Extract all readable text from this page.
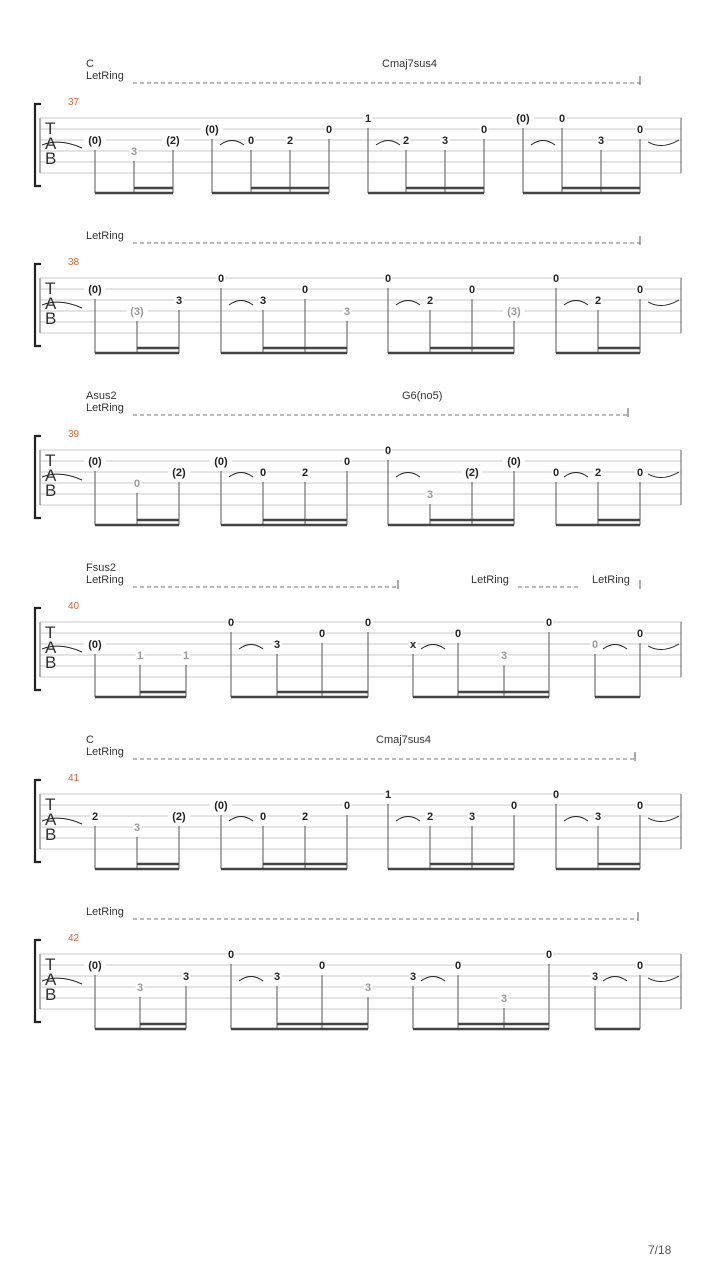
C	Cmaj7sus4
LetRing
37
T
A
B
(0)
3
(2)
(0)
0	2
0
1
2	3
0
(0)	0
3
0
LetRing
38
T
A
B
(0)
(3)
3
0
3
0
3
0
2
0
(3)
0
2
0
Asus2	G6(no5)
LetRing
39
T
A
B
(0)
0
(2)
(0)
0	2
0
0
3
(2)
(0)
0	2	0
Fsus2
LetRing	LetRing	LetRing
40
T
A
B
(0)
1	1
0
3
0
0
x
0
3
0
0
0
C	Cmaj7sus4
LetRing
41
T
A
B
2
3
(2)
(0)
0	2
0
1
2	3
0
0
3
0
LetRing
42
T
A
B
(0)
3
3
0
3
0
3
3
0
3
0
3
0
7/18
